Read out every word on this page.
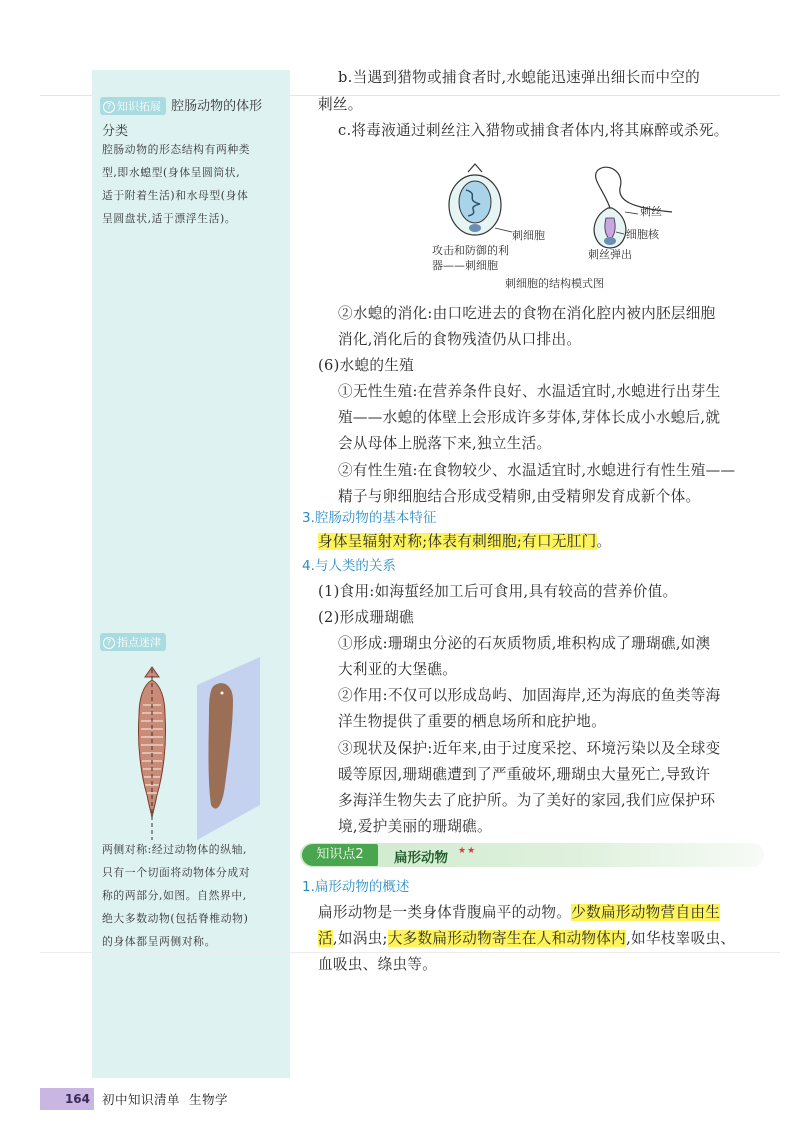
? 知识拓展 腔肠动物的体形
分类
腔肠动物的形态结构有两种类
型,即水螅型(身体呈圆筒状,
适于附着生活)和水母型(身体
呈圆盘状,适于漂浮生活)。
? 指点迷津
两侧对称:经过动物体的纵轴,
只有一个切面将动物体分成对
称的两部分,如图。自然界中,
绝大多数动物(包括脊椎动物)
的身体都呈两侧对称。
b.当遇到猎物或捕食者时,水螅能迅速弹出细长而中空的
刺丝。
c.将毒液通过刺丝注入猎物或捕食者体内,将其麻醉或杀死。
刺细胞
攻击和防御的利
器——刺细胞
刺丝
细胞核
刺丝弹出
刺细胞的结构模式图
②水螅的消化:由口吃进去的食物在消化腔内被内胚层细胞
消化,消化后的食物残渣仍从口排出。
(6)水螅的生殖
①无性生殖:在营养条件良好、水温适宜时,水螅进行出芽生
殖——水螅的体壁上会形成许多芽体,芽体长成小水螅后,就
会从母体上脱落下来,独立生活。
②有性生殖:在食物较少、水温适宜时,水螅进行有性生殖——
精子与卵细胞结合形成受精卵,由受精卵发育成新个体。
3.腔肠动物的基本特征
身体呈辐射对称;体表有刺细胞;有口无肛门。
4.与人类的关系
(1)食用:如海蜇经加工后可食用,具有较高的营养价值。
(2)形成珊瑚礁
①形成:珊瑚虫分泌的石灰质物质,堆积构成了珊瑚礁,如澳
大利亚的大堡礁。
②作用:不仅可以形成岛屿、加固海岸,还为海底的鱼类等海
洋生物提供了重要的栖息场所和庇护地。
③现状及保护:近年来,由于过度采挖、环境污染以及全球变
暖等原因,珊瑚礁遭到了严重破坏,珊瑚虫大量死亡,导致许
多海洋生物失去了庇护所。为了美好的家园,我们应保护环
境,爱护美丽的珊瑚礁。
知识点2	扁形动物 ★★
1.扁形动物的概述
扁形动物是一类身体背腹扁平的动物。少数扁形动物营自由生
活,如涡虫;大多数扁形动物寄生在人和动物体内,如华枝睾吸虫、
血吸虫、绦虫等。
164 初中知识清单 生物学
